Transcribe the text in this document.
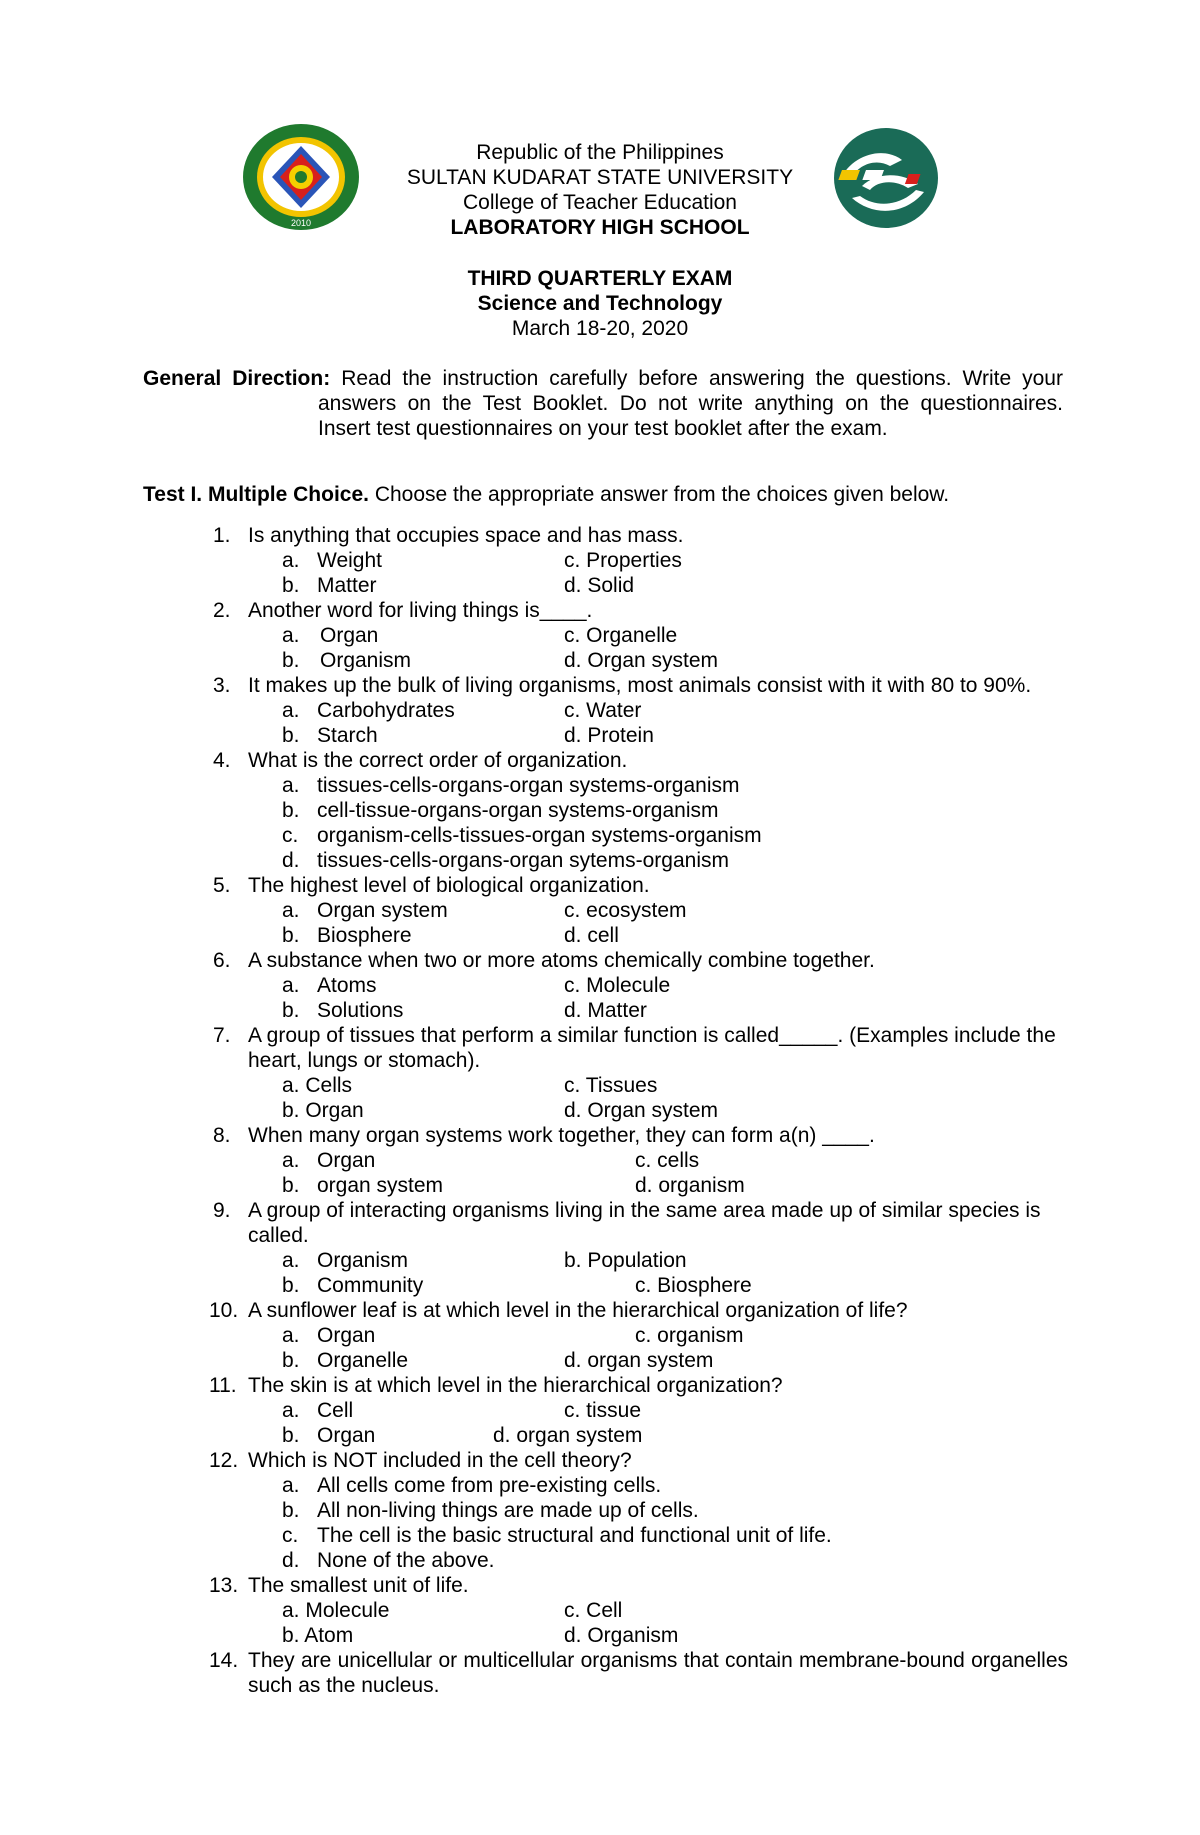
2010
Republic of the Philippines
SULTAN KUDARAT STATE UNIVERSITY
College of Teacher Education
LABORATORY HIGH SCHOOL
THIRD QUARTERLY EXAM
Science and Technology
March 18-20, 2020
General Direction: Read the instruction carefully before answering the questions. Write your
answers on the Test Booklet. Do not write anything on the questionnaires.
Insert test questionnaires on your test booklet after the exam.
Test I. Multiple Choice. Choose the appropriate answer from the choices given below.
1. Is anything that occupies space and has mass.
a. Weight	c. Properties
b. Matter	d. Solid
2. Another word for living things is____.
a. Organ	c. Organelle
b. Organism	d. Organ system
3. It makes up the bulk of living organisms, most animals consist with it with 80 to 90%.
a. Carbohydrates	c. Water
b. Starch	d. Protein
4. What is the correct order of organization.
a. tissues-cells-organs-organ systems-organism
b. cell-tissue-organs-organ systems-organism
c. organism-cells-tissues-organ systems-organism
d. tissues-cells-organs-organ sytems-organism
5. The highest level of biological organization.
a. Organ system	c. ecosystem
b. Biosphere	d. cell
6. A substance when two or more atoms chemically combine together.
a. Atoms	c. Molecule
b. Solutions	d. Matter
7. A group of tissues that perform a similar function is called_____. (Examples include the heart, lungs or stomach).
a. Cells	c. Tissues
b. Organ	d. Organ system
8. When many organ systems work together, they can form a(n) ____.
a. Organ	c. cells
b. organ system	d. organism
9. A group of interacting organisms living in the same area made up of similar species is called.
a. Organism	b. Population
b. Community	c. Biosphere
10. A sunflower leaf is at which level in the hierarchical organization of life?
a. Organ	c. organism
b. Organelle	d. organ system
11. The skin is at which level in the hierarchical organization?
a. Cell	c. tissue
b. Organ	d. organ system
12. Which is NOT included in the cell theory?
a. All cells come from pre-existing cells.
b. All non-living things are made up of cells.
c. The cell is the basic structural and functional unit of life.
d. None of the above.
13. The smallest unit of life.
a. Molecule	c. Cell
b. Atom	d. Organism
14. They are unicellular or multicellular organisms that contain membrane-bound organelles such as the nucleus.
